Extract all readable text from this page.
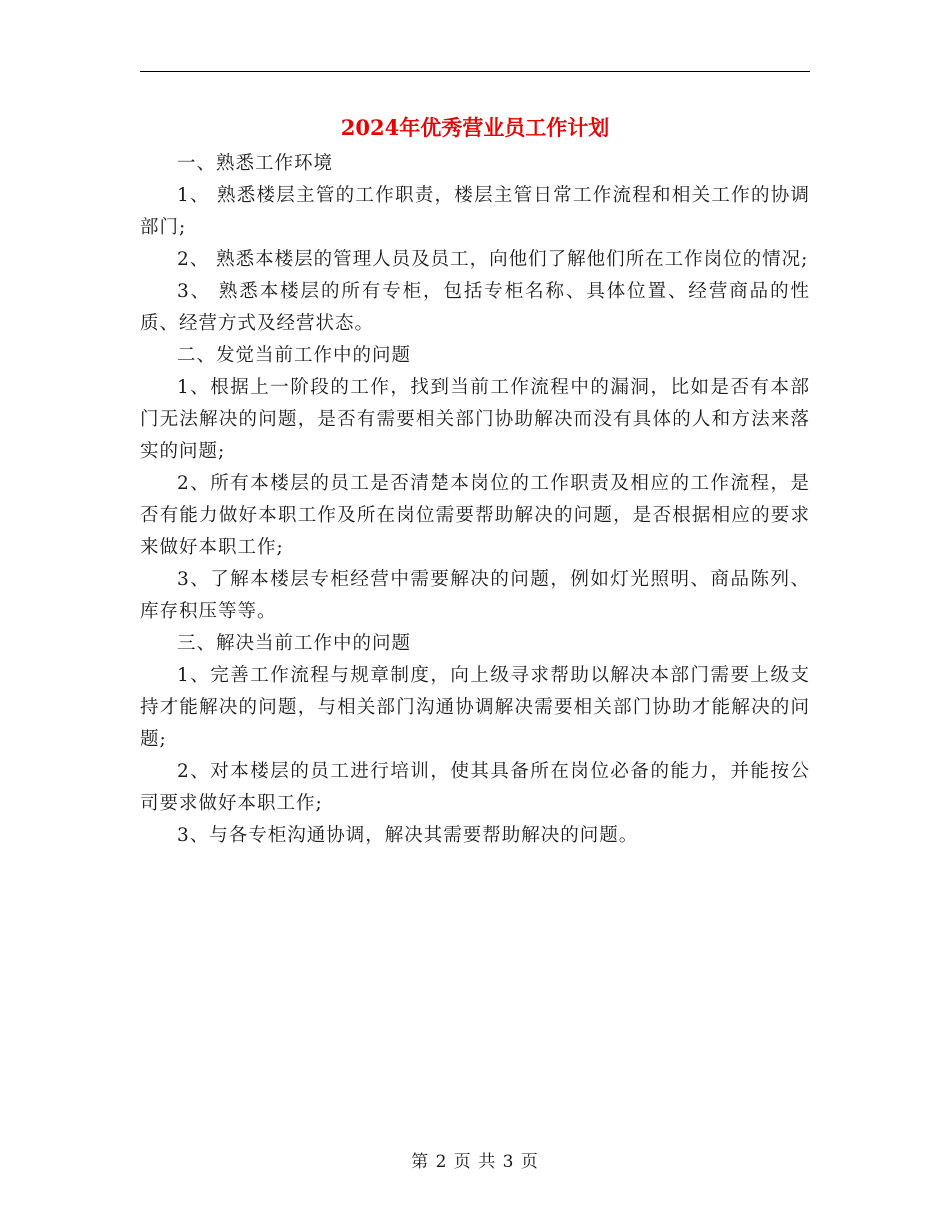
2024年优秀营业员工作计划

一、熟悉工作环境

1、 熟悉楼层主管的工作职责，楼层主管日常工作流程和相关工作的协调部门;

2、 熟悉本楼层的管理人员及员工，向他们了解他们所在工作岗位的情况;

3、 熟悉本楼层的所有专柜，包括专柜名称、具体位置、经营商品的性质、经营方式及经营状态。

二、发觉当前工作中的问题

1、根据上一阶段的工作，找到当前工作流程中的漏洞，比如是否有本部门无法解决的问题，是否有需要相关部门协助解决而没有具体的人和方法来落实的问题;

2、所有本楼层的员工是否清楚本岗位的工作职责及相应的工作流程，是否有能力做好本职工作及所在岗位需要帮助解决的问题，是否根据相应的要求来做好本职工作;

3、了解本楼层专柜经营中需要解决的问题，例如灯光照明、商品陈列、库存积压等等。

三、解决当前工作中的问题

1、完善工作流程与规章制度，向上级寻求帮助以解决本部门需要上级支持才能解决的问题，与相关部门沟通协调解决需要相关部门协助才能解决的问题;

2、对本楼层的员工进行培训，使其具备所在岗位必备的能力，并能按公司要求做好本职工作;

3、与各专柜沟通协调，解决其需要帮助解决的问题。

第 2 页 共 3 页
